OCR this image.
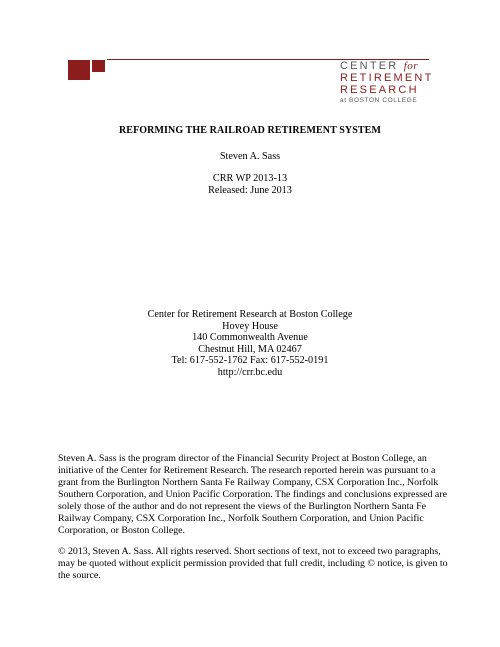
CENTER for
RETIREMENT
RESEARCH
at BOSTON COLLEGE
REFORMING THE RAILROAD RETIREMENT SYSTEM
Steven A. Sass
CRR WP 2013-13
Released: June 2013
Center for Retirement Research at Boston College
Hovey House
140 Commonwealth Avenue
Chestnut Hill, MA 02467
Tel: 617-552-1762 Fax: 617-552-0191
http://crr.bc.edu
Steven A. Sass is the program director of the Financial Security Project at Boston College, an initiative of the Center for Retirement Research. The research reported herein was pursuant to a grant from the Burlington Northern Santa Fe Railway Company, CSX Corporation Inc., Norfolk Southern Corporation, and Union Pacific Corporation. The findings and conclusions expressed are solely those of the author and do not represent the views of the Burlington Northern Santa Fe Railway Company, CSX Corporation Inc., Norfolk Southern Corporation, and Union Pacific Corporation, or Boston College.
© 2013, Steven A. Sass. All rights reserved. Short sections of text, not to exceed two paragraphs, may be quoted without explicit permission provided that full credit, including © notice, is given to the source.
